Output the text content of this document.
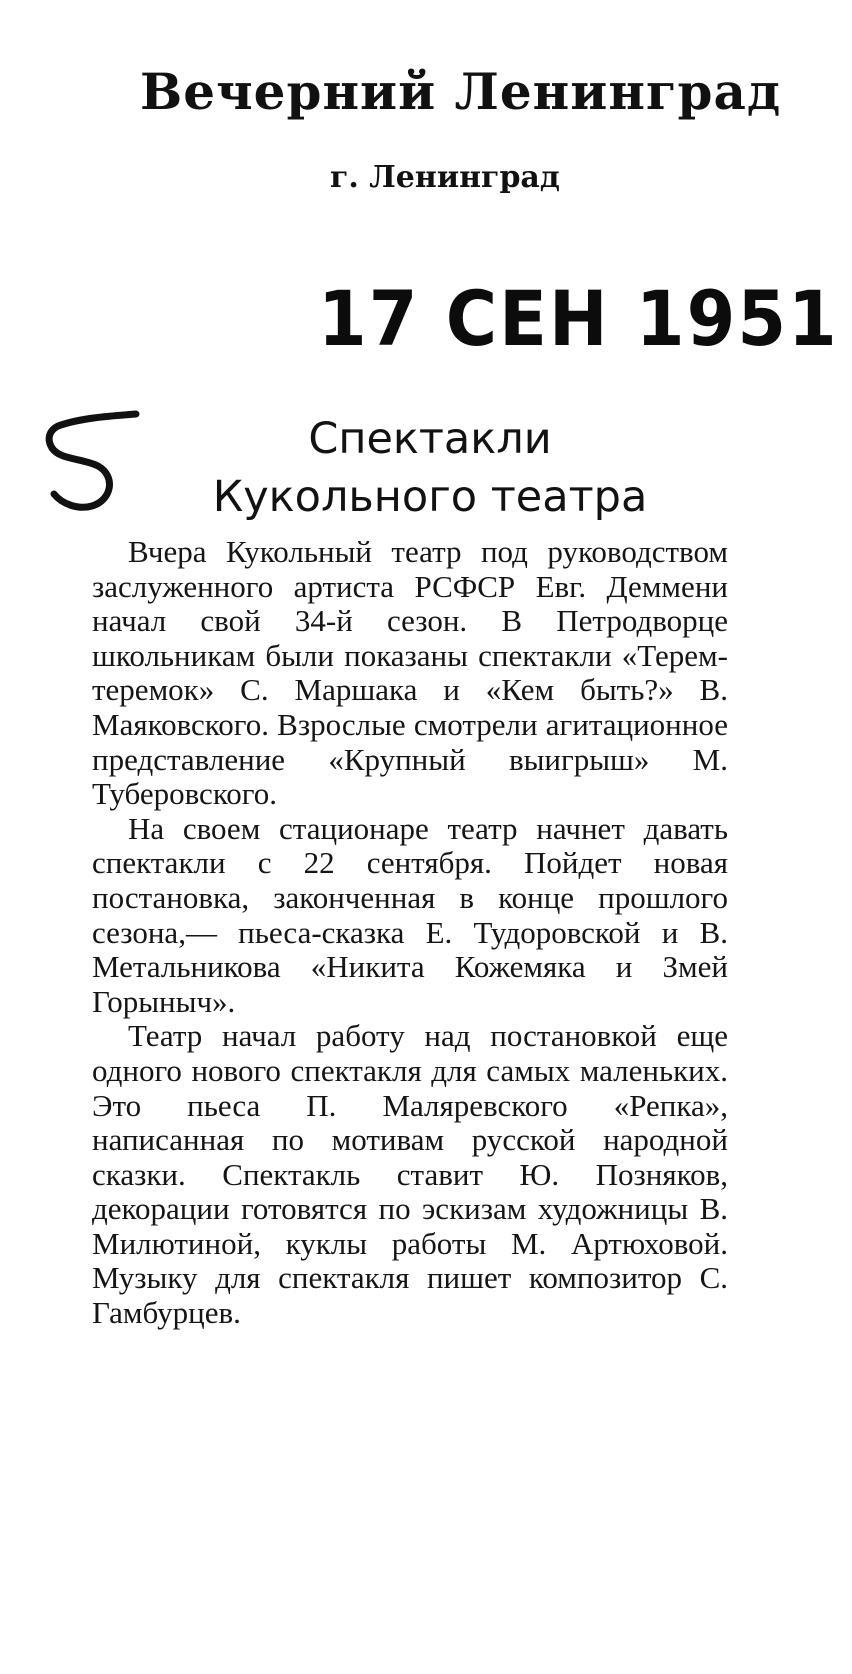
Вечерний Ленинград
г. Ленинград
17 СЕН 1951
Спектакли
Кукольного театра

Вчера Кукольный театр под руководством заслуженного артиста РСФСР Евг. Деммени начал свой 34-й сезон. В Петродворце школьникам были показаны спектакли «Терем-теремок» С. Маршака и «Кем быть?» В. Маяковского. Взрослые смотрели агитационное представление «Крупный выигрыш» М. Туберовского.

На своем стационаре театр начнет давать спектакли с 22 сентября. Пойдет новая постановка, законченная в конце прошлого сезона,— пьеса-сказка Е. Тудоровской и В. Метальникова «Никита Кожемяка и Змей Горыныч».

Театр начал работу над постановкой еще одного нового спектакля для самых маленьких. Это пьеса П. Маляревского «Репка», написанная по мотивам русской народной сказки. Спектакль ставит Ю. Позняков, декорации готовятся по эскизам художницы В. Милютиной, куклы работы М. Артюховой. Музыку для спектакля пишет композитор С. Гамбурцев.
